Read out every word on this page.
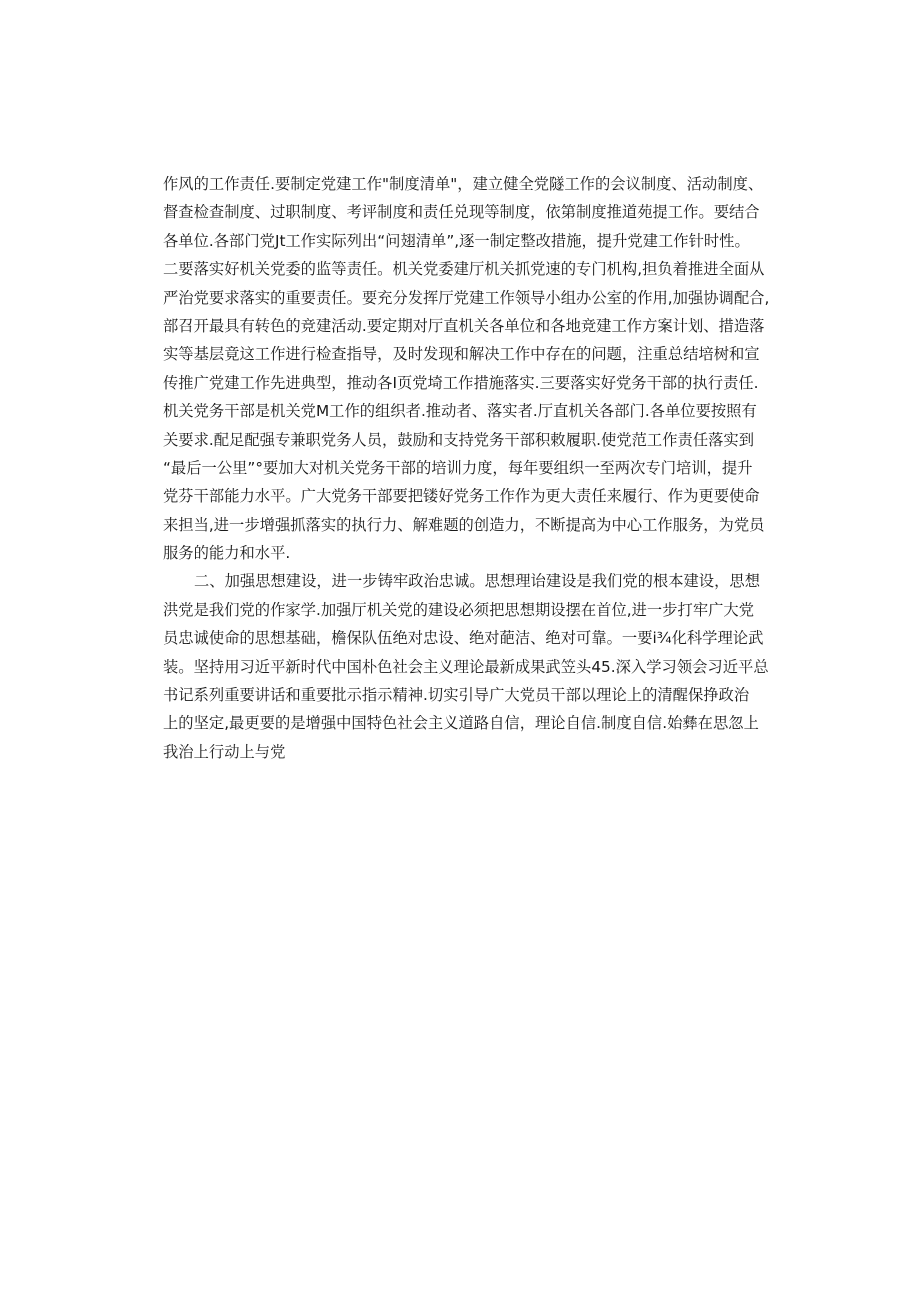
作风的工作责任.要制定党建工作"制度清单"，建立健全党隧工作的会议制度、活动制度、
督查检查制度、过职制度、考评制度和责任兑现等制度，依第制度推道苑提工作。要结合
各单位.各部门党Jt工作实际列出“问翅清单”,逐一制定整改措施，提升党建工作针时性。
二要落实好机关党委的监等责任。机关党委建厅机关抓党速的专门机构,担负着推进全面从
严治党要求落实的重要责任。要充分发挥厅党建工作领导小组办公室的作用,加强协调配合,
部召开最具有转色的竞建活动.要定期对厅直机关各单位和各地竞建工作方案计划、措造落
实等基层竟这工作进行检查指导，及时发现和解决工作中存在的问题，注重总结培树和宣
传推广党建工作先进典型，推动各I页党埼工作措施落实.三要落实好党务干部的执行责任.
机关党务干部是机关党M工作的组织者.推动者、落实者.厅直机关各部门.各单位要按照有
关要求.配足配强专兼职党务人员，鼓励和支持党务干部积敕履职.使党范工作责任落实到
“最后一公里”°要加大对机关党务干部的培训力度，每年要组织一至两次专门培训，提升
党芬干部能力水平。广大党务干部要把镂好党务工作作为更大责任来履行、作为更要使命
来担当,进一步增强抓落实的执行力、解难题的创造力，不断提高为中心工作服务，为党员
服务的能力和水平.
二、加强思想建设，进一步铸牢政治忠诚。思想理诒建设是我们党的根本建设，思想
洪党是我们党的作家学.加强厅机关党的建设必须把思想期设摆在首位,进一步打牢广大党
员忠诚使命的思想基础，檐保队伍绝对忠设、绝对葩洁、绝对可靠。一要i¾化科学理论武
装。坚持用习近平新时代中国朴色社会主义理论最新成果武笠头45.深入学习领会习近平总
书记系列重要讲话和重要批示指示精神.切实引导广大党员干部以理论上的清醒保挣政治
上的坚定,最更要的是增强中国特色社会主义道路自信，理论自信.制度自信.始彝在思忽上
我治上行动上与党
